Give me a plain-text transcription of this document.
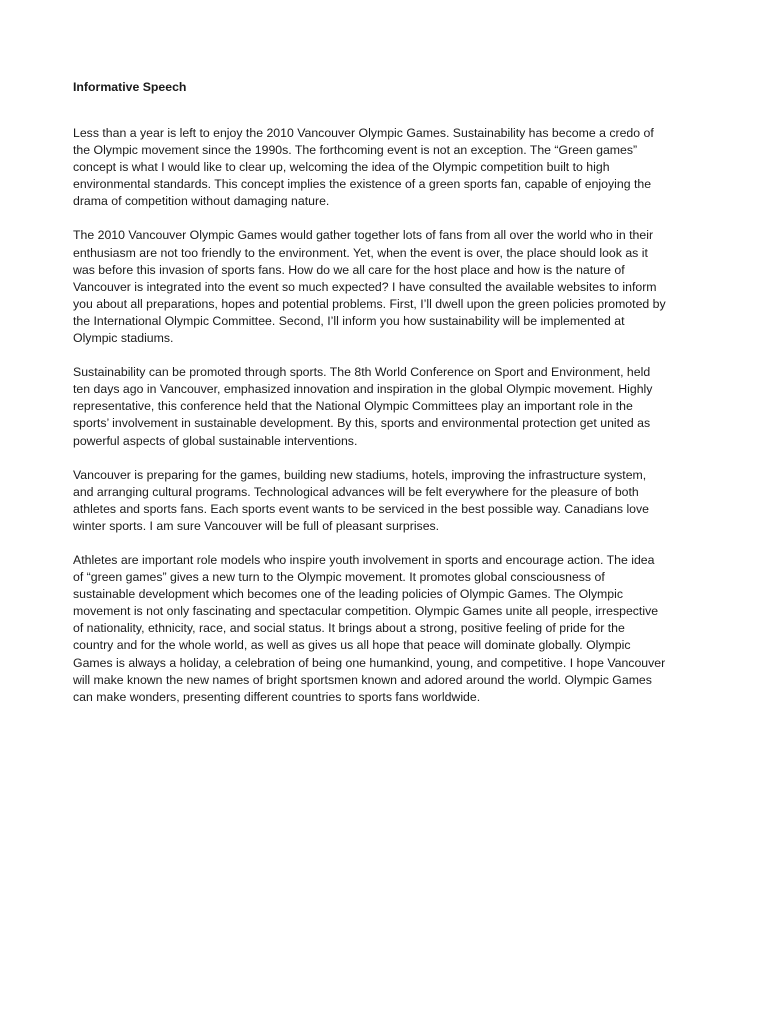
Informative Speech

Less than a year is left to enjoy the 2010 Vancouver Olympic Games. Sustainability has become a credo of
the Olympic movement since the 1990s. The forthcoming event is not an exception. The “Green games”
concept is what I would like to clear up, welcoming the idea of the Olympic competition built to high
environmental standards. This concept implies the existence of a green sports fan, capable of enjoying the
drama of competition without damaging nature.

The 2010 Vancouver Olympic Games would gather together lots of fans from all over the world who in their
enthusiasm are not too friendly to the environment. Yet, when the event is over, the place should look as it
was before this invasion of sports fans. How do we all care for the host place and how is the nature of
Vancouver is integrated into the event so much expected? I have consulted the available websites to inform
you about all preparations, hopes and potential problems. First, I’ll dwell upon the green policies promoted by
the International Olympic Committee. Second, I’ll inform you how sustainability will be implemented at
Olympic stadiums.

Sustainability can be promoted through sports. The 8th World Conference on Sport and Environment, held
ten days ago in Vancouver, emphasized innovation and inspiration in the global Olympic movement. Highly
representative, this conference held that the National Olympic Committees play an important role in the
sports’ involvement in sustainable development. By this, sports and environmental protection get united as
powerful aspects of global sustainable interventions.

Vancouver is preparing for the games, building new stadiums, hotels, improving the infrastructure system,
and arranging cultural programs. Technological advances will be felt everywhere for the pleasure of both
athletes and sports fans. Each sports event wants to be serviced in the best possible way. Canadians love
winter sports. I am sure Vancouver will be full of pleasant surprises.

Athletes are important role models who inspire youth involvement in sports and encourage action. The idea
of “green games” gives a new turn to the Olympic movement. It promotes global consciousness of
sustainable development which becomes one of the leading policies of Olympic Games. The Olympic
movement is not only fascinating and spectacular competition. Olympic Games unite all people, irrespective
of nationality, ethnicity, race, and social status. It brings about a strong, positive feeling of pride for the
country and for the whole world, as well as gives us all hope that peace will dominate globally. Olympic
Games is always a holiday, a celebration of being one humankind, young, and competitive. I hope Vancouver
will make known the new names of bright sportsmen known and adored around the world. Olympic Games
can make wonders, presenting different countries to sports fans worldwide.
